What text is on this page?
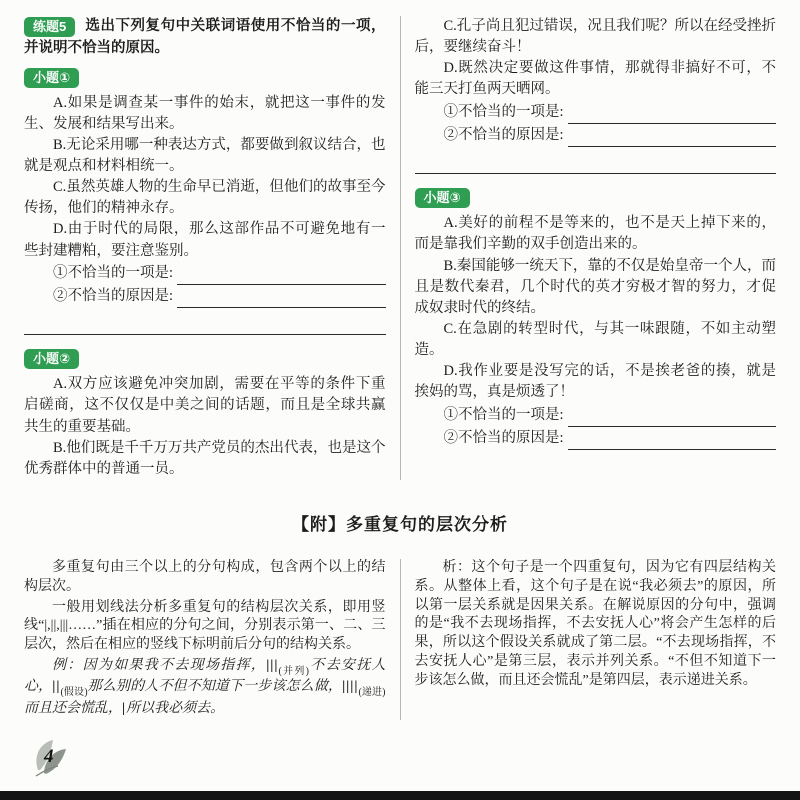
练题5 选出下列复句中关联词语使用不恰当的一项，并说明不恰当的原因。

小题①

A.如果是调查某一事件的始末，就把这一事件的发生、发展和结果写出来。

B.无论采用哪一种表达方式，都要做到叙议结合，也就是观点和材料相统一。

C.虽然英雄人物的生命早已消逝，但他们的故事至今传扬，他们的精神永存。

D.由于时代的局限，那么这部作品不可避免地有一些封建糟粕，要注意鉴别。

①不恰当的一项是:
②不恰当的原因是:
小题②

A.双方应该避免冲突加剧，需要在平等的条件下重启磋商，这不仅仅是中美之间的话题，而且是全球共赢共生的重要基础。

B.他们既是千千万万共产党员的杰出代表，也是这个优秀群体中的普通一员。

C.孔子尚且犯过错误，况且我们呢？所以在经受挫折后，要继续奋斗！

D.既然决定要做这件事情，那就得非搞好不可，不能三天打鱼两天晒网。

①不恰当的一项是:
②不恰当的原因是:
小题③

A.美好的前程不是等来的，也不是天上掉下来的，而是靠我们辛勤的双手创造出来的。

B.秦国能够一统天下，靠的不仅是始皇帝一个人，而且是数代秦君，几个时代的英才穷极才智的努力，才促成奴隶时代的终结。

C.在急剧的转型时代，与其一味跟随，不如主动塑造。

D.我作业要是没写完的话，不是挨老爸的揍，就是挨妈的骂，真是烦透了！

①不恰当的一项是:
②不恰当的原因是:
【附】多重复句的层次分析

多重复句由三个以上的分句构成，包含两个以上的结构层次。

一般用划线法分析多重复句的结构层次关系，即用竖线“|,||,|||……”插在相应的分句之间，分别表示第一、二、三层次，然后在相应的竖线下标明前后分句的结构关系。

例：因为如果我不去现场指挥，$|||_{(并列)}$不去安抚人心，$||_{(假设)}$那么别的人不但不知道下一步该怎么做，$||||_{(递进)}$而且还会慌乱，|所以我必须去。

析：这个句子是一个四重复句，因为它有四层结构关系。从整体上看，这个句子是在说“我必须去”的原因，所以第一层关系就是因果关系。在解说原因的分句中，强调的是“我不去现场指挥，不去安抚人心”将会产生怎样的后果，所以这个假设关系就成了第二层。“不去现场指挥，不去安抚人心”是第三层，表示并列关系。“不但不知道下一步该怎么做，而且还会慌乱”是第四层，表示递进关系。

4
